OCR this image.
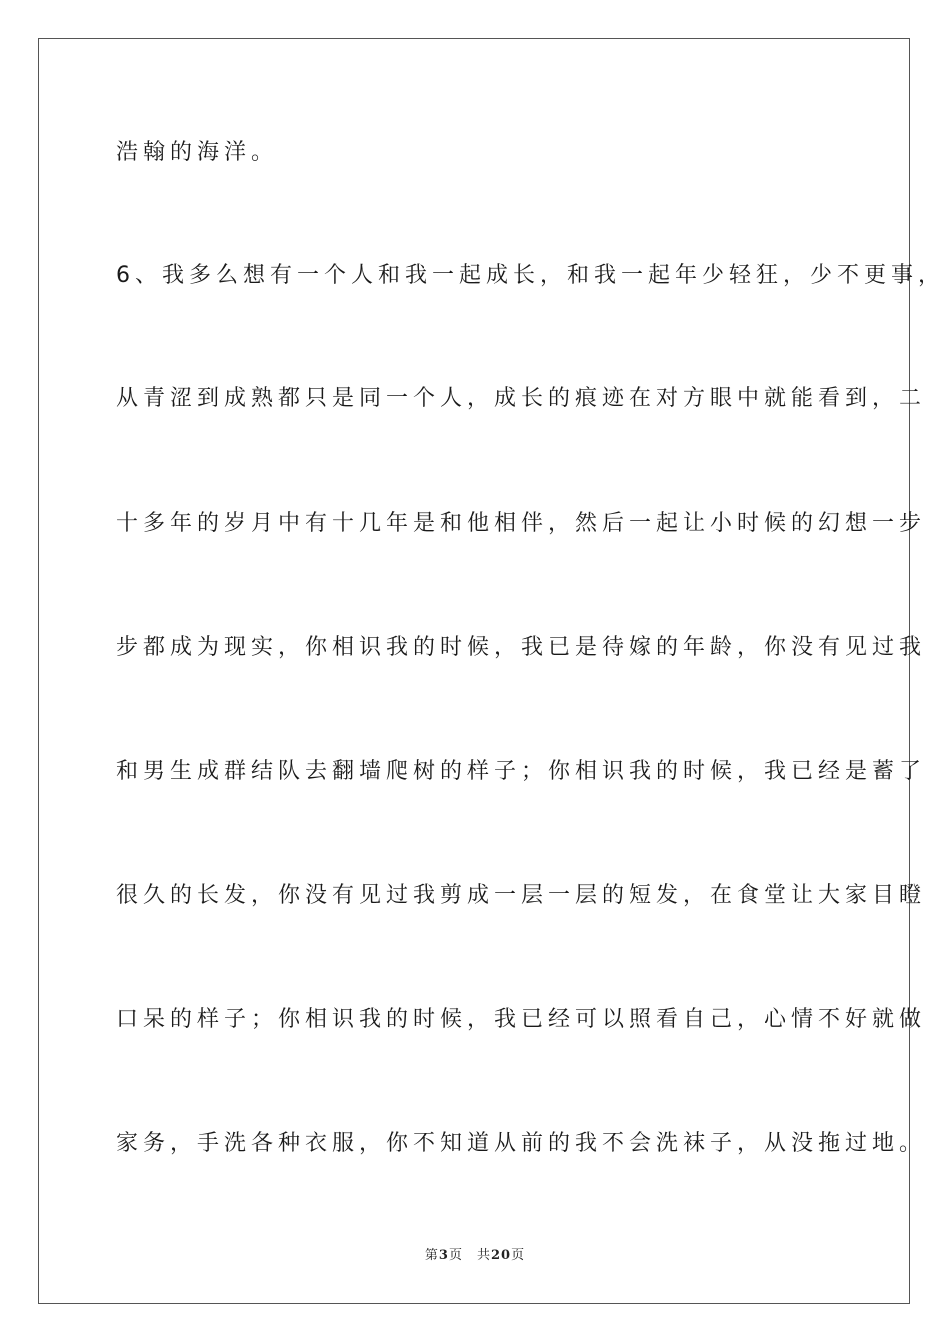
浩翰的海洋。
6、我多么想有一个人和我一起成长，和我一起年少轻狂，少不更事，
从青涩到成熟都只是同一个人，成长的痕迹在对方眼中就能看到，二
十多年的岁月中有十几年是和他相伴，然后一起让小时候的幻想一步
步都成为现实，你相识我的时候，我已是待嫁的年龄，你没有见过我
和男生成群结队去翻墙爬树的样子；你相识我的时候，我已经是蓄了
很久的长发，你没有见过我剪成一层一层的短发，在食堂让大家目瞪
口呆的样子；你相识我的时候，我已经可以照看自己，心情不好就做
家务，手洗各种衣服，你不知道从前的我不会洗袜子，从没拖过地。
第3页 共20页
